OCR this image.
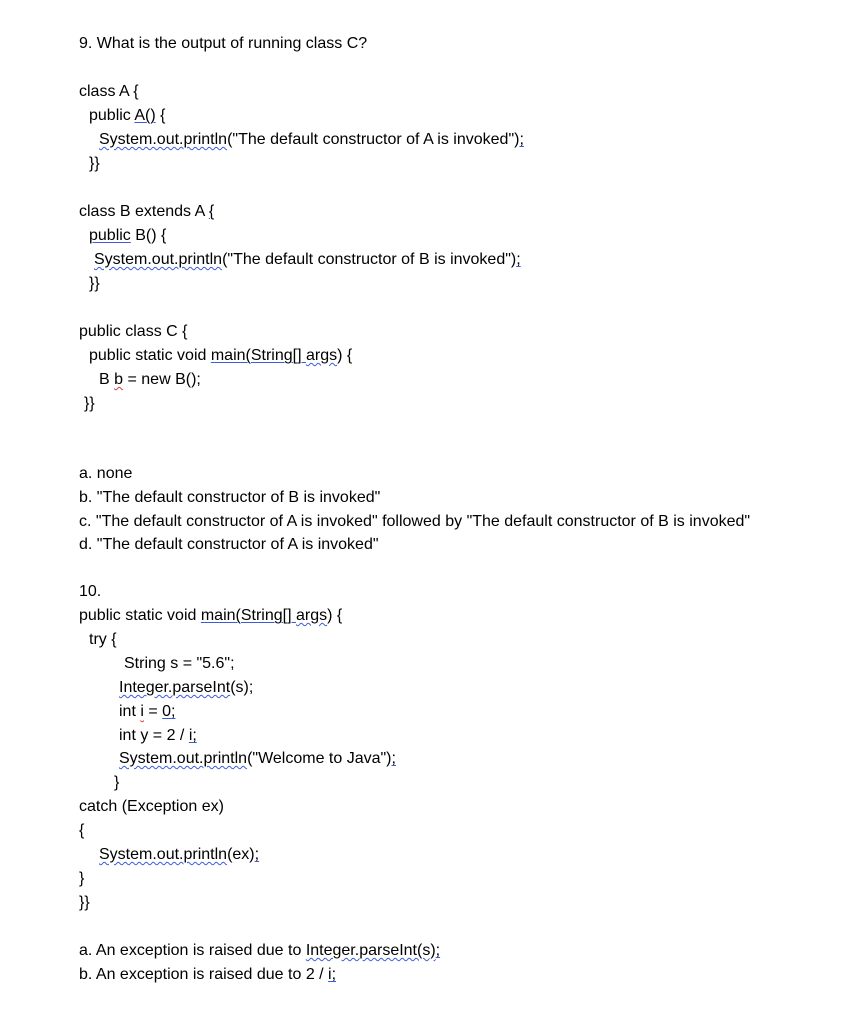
9. What is the output of running class C?
class A {
public A() {
System.out.println("The default constructor of A is invoked");
}}
class B extends A {
public B() {
System.out.println("The default constructor of B is invoked");
}}
public class C {
public static void main(String[] args) {
B b = new B();
}}
a. none
b. "The default constructor of B is invoked"
c. "The default constructor of A is invoked" followed by "The default constructor of B is invoked"
d. "The default constructor of A is invoked"
10.
public static void main(String[] args) {
try {
String s = "5.6";
Integer.parseInt(s);
int i = 0;
int y = 2 / i;
System.out.println("Welcome to Java");
}
catch (Exception ex)
{
System.out.println(ex);
}
}}
a. An exception is raised due to Integer.parseInt(s);
b. An exception is raised due to 2 / i;
